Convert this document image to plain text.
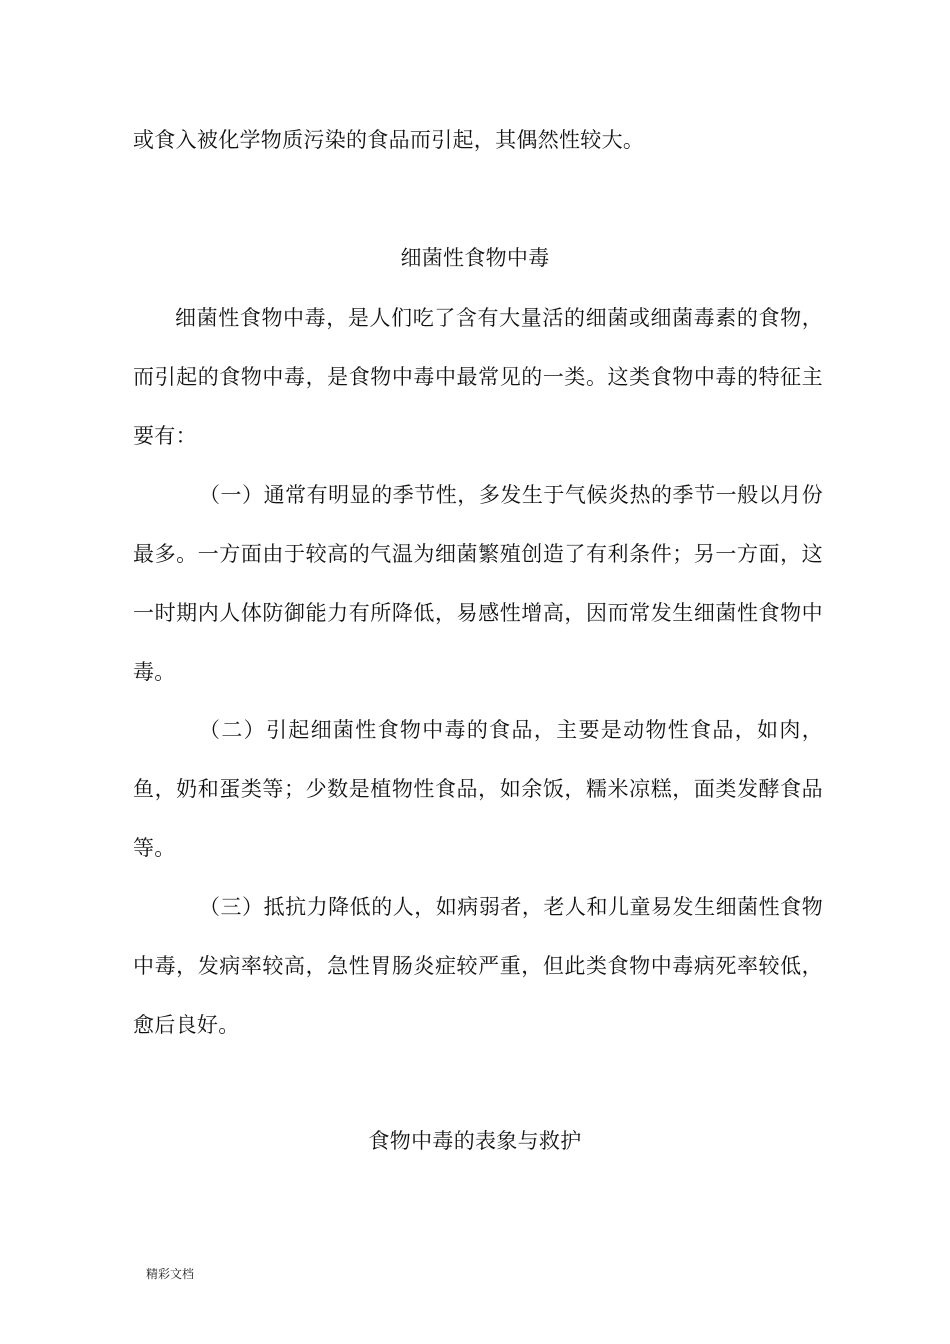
或食入被化学物质污染的食品而引起，其偶然性较大。

细菌性食物中毒

细菌性食物中毒，是人们吃了含有大量活的细菌或细菌毒素的食物，而引起的食物中毒，是食物中毒中最常见的一类。这类食物中毒的特征主要有：

（一）通常有明显的季节性，多发生于气候炎热的季节一般以月份最多。一方面由于较高的气温为细菌繁殖创造了有利条件；另一方面，这一时期内人体防御能力有所降低，易感性增高，因而常发生细菌性食物中毒。

（二）引起细菌性食物中毒的食品，主要是动物性食品，如肉，鱼，奶和蛋类等；少数是植物性食品，如余饭，糯米凉糕，面类发酵食品等。

（三）抵抗力降低的人，如病弱者，老人和儿童易发生细菌性食物中毒，发病率较高，急性胃肠炎症较严重，但此类食物中毒病死率较低，愈后良好。

食物中毒的表象与救护
精彩文档
